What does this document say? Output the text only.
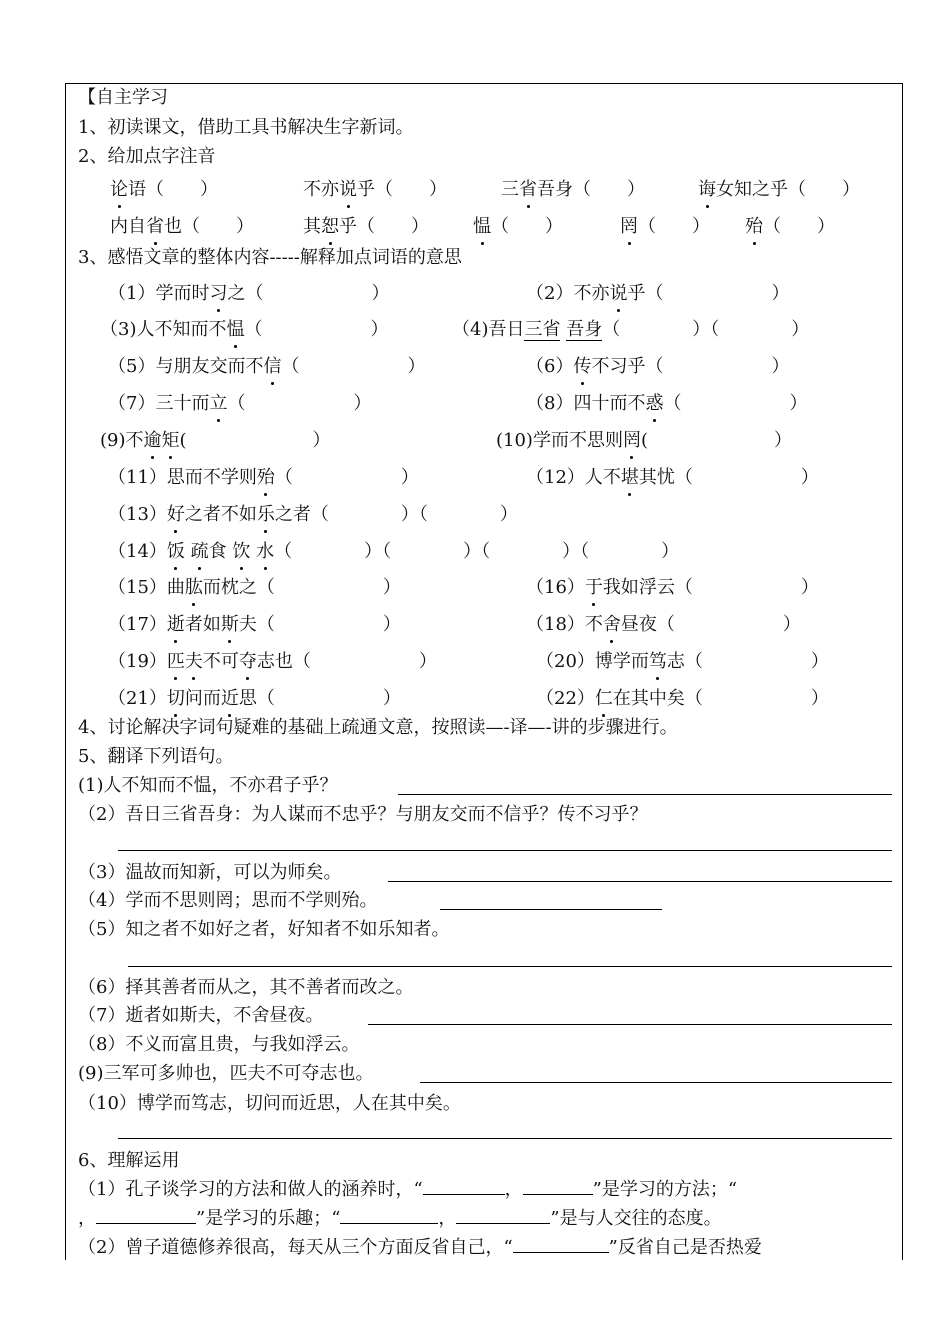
【自主学习
1、初读课文，借助工具书解决生字新词。
2、给加点字注音
论语（　　）	不亦说乎（　　）	三省吾身（　　）	诲女知之乎（　　）
内自省也（　　）	其恕乎（　　） 愠（　　）	罔（　　） 殆（　　）
3、感悟文章的整体内容-----解释加点词语的意思
（1）学而时习之（　　　　　　）	（2）不亦说乎（　　　　　　）
（3)人不知而不愠（　　　　　　）	（4)吾日三省 吾身（　　　　）（　　　　）
（5）与朋友交而不信（　　　　　　）	（6）传不习乎（　　　　　　）
（7）三十而立（　　　　　　）	（8）四十而不惑（　　　　　　）
(9)不逾矩(　　　　　　　）	(10)学而不思则罔(　　　　　　　）
（11）思而不学则殆（　　　　　　）	（12）人不堪其忧（　　　　　　）
（13）好之者不如乐之者（　　　　）（　　　　）
（14）饭 疏食 饮 水（　　　　）（　　　　）（　　　　）（　　　　）
（15）曲肱而枕之（　　　　　　）	（16）于我如浮云（　　　　　　）
（17）逝者如斯夫（　　　　　　）	（18）不舍昼夜（　　　　　　）
（19）匹夫不可夺志也（　　　　　　）	（20）博学而笃志（　　　　　　）
（21）切问而近思（　　　　　　）	（22）仁在其中矣（　　　　　　）
4、讨论解决字词句疑难的基础上疏通文意，按照读—-译—-讲的步骤进行。
5、翻译下列语句。
(1)人不知而不愠，不亦君子乎？
（2）吾日三省吾身：为人谋而不忠乎？与朋友交而不信乎？传不习乎？
（3）温故而知新，可以为师矣。
（4）学而不思则罔；思而不学则殆。
（5）知之者不如好之者，好知者不如乐知者。
（6）择其善者而从之，其不善者而改之。
（7）逝者如斯夫，不舍昼夜。
（8）不义而富且贵，与我如浮云。
(9)三军可多帅也，匹夫不可夺志也。
（10）博学而笃志，切问而近思，人在其中矣。
6、理解运用
（1）孔子谈学习的方法和做人的涵养时，“	，	”是学习的方法；“
，	”是学习的乐趣；“	，	”是与人交往的态度。
（2）曾子道德修养很高，每天从三个方面反省自己，“	”反省自己是否热爱
